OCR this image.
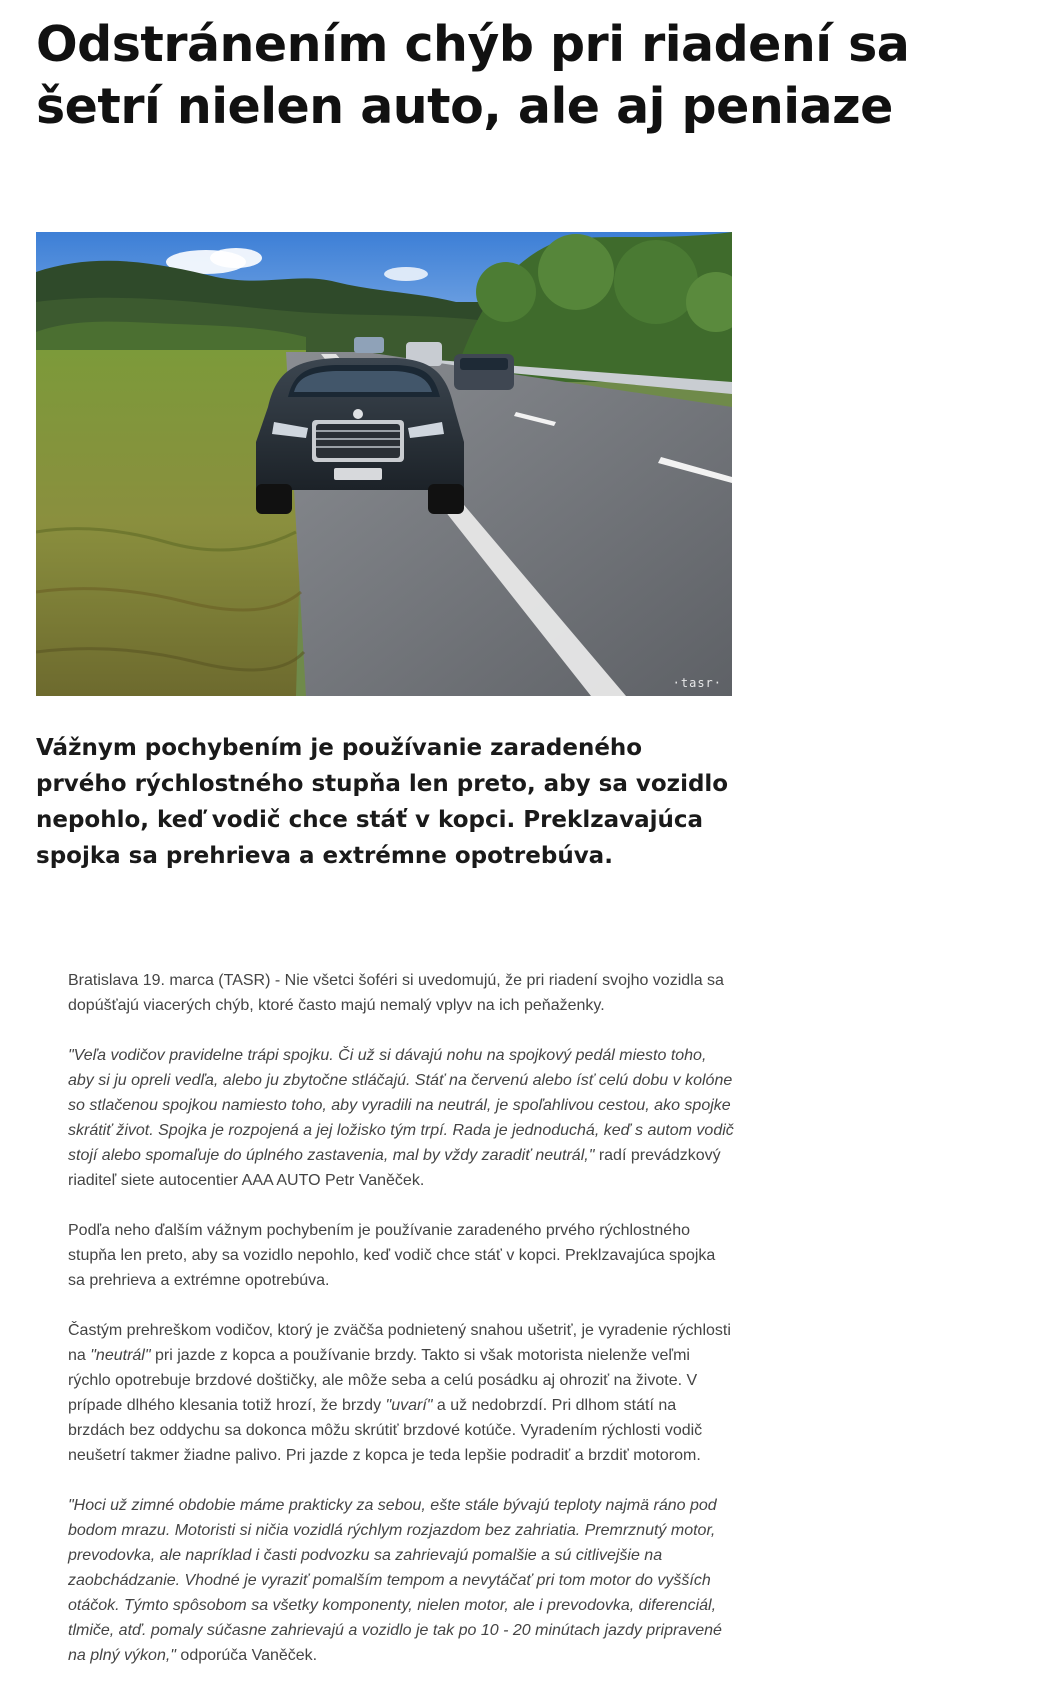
Odstránením chýb pri riadení sa šetrí nielen auto, ale aj peniaze
·tasr·

Vážnym pochybením je používanie zaradeného prvého rýchlostného stupňa len preto, aby sa vozidlo nepohlo, keď vodič chce stáť v kopci. Preklzavajúca spojka sa prehrieva a extrémne opotrebúva.

Bratislava 19. marca (TASR) - Nie všetci šoféri si uvedomujú, že pri riadení svojho vozidla sa dopúšťajú viacerých chýb, ktoré často majú nemalý vplyv na ich peňaženky.

"Veľa vodičov pravidelne trápi spojku. Či už si dávajú nohu na spojkový pedál miesto toho, aby si ju opreli vedľa, alebo ju zbytočne stláčajú. Stáť na červenú alebo ísť celú dobu v kolóne so stlačenou spojkou namiesto toho, aby vyradili na neutrál, je spoľahlivou cestou, ako spojke skrátiť život. Spojka je rozpojená a jej ložisko tým trpí. Rada je jednoduchá, keď s autom vodič stojí alebo spomaľuje do úplného zastavenia, mal by vždy zaradiť neutrál," radí prevádzkový riaditeľ siete autocentier AAA AUTO Petr Vaněček.

Podľa neho ďalším vážnym pochybením je používanie zaradeného prvého rýchlostného stupňa len preto, aby sa vozidlo nepohlo, keď vodič chce stáť v kopci. Preklzavajúca spojka sa prehrieva a extrémne opotrebúva.

Častým prehreškom vodičov, ktorý je zväčša podnietený snahou ušetriť, je vyradenie rýchlosti na "neutrál" pri jazde z kopca a používanie brzdy. Takto si však motorista nielenže veľmi rýchlo opotrebuje brzdové doštičky, ale môže seba a celú posádku aj ohroziť na živote. V prípade dlhého klesania totiž hrozí, že brzdy "uvarí" a už nedobrzdí. Pri dlhom státí na brzdách bez oddychu sa dokonca môžu skrútiť brzdové kotúče. Vyradením rýchlosti vodič neušetrí takmer žiadne palivo. Pri jazde z kopca je teda lepšie podradiť a brzdiť motorom.

"Hoci už zimné obdobie máme prakticky za sebou, ešte stále bývajú teploty najmä ráno pod bodom mrazu. Motoristi si ničia vozidlá rýchlym rozjazdom bez zahriatia. Premrznutý motor, prevodovka, ale napríklad i časti podvozku sa zahrievajú pomalšie a sú citlivejšie na zaobchádzanie. Vhodné je vyraziť pomalším tempom a nevytáčať pri tom motor do vyšších otáčok. Týmto spôsobom sa všetky komponenty, nielen motor, ale i prevodovka, diferenciál, tlmiče, atď. pomaly súčasne zahrievajú a vozidlo je tak po 10 - 20 minútach jazdy pripravené na plný výkon," odporúča Vaněček.
